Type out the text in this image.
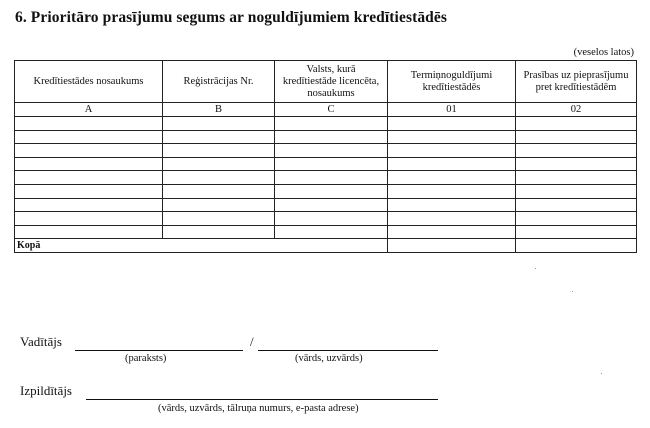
6. Prioritāro prasījumu segums ar noguldījumiem kredītiestādēs
(veselos latos)
Kredītiestādes nosaukums	Reģistrācijas Nr.	Valsts, kurā kredītiestāde licencēta, nosaukums	Termiņnoguldījumi kredītiestādēs	Prasības uz pieprasījumu pret kredītiestādēm
A	B	C	01	02

Kopā				
Vadītājs	/
(paraksts)	(vārds, uzvārds)
Izpildītājs
(vārds, uzvārds, tālruņa numurs, e-pasta adrese)
